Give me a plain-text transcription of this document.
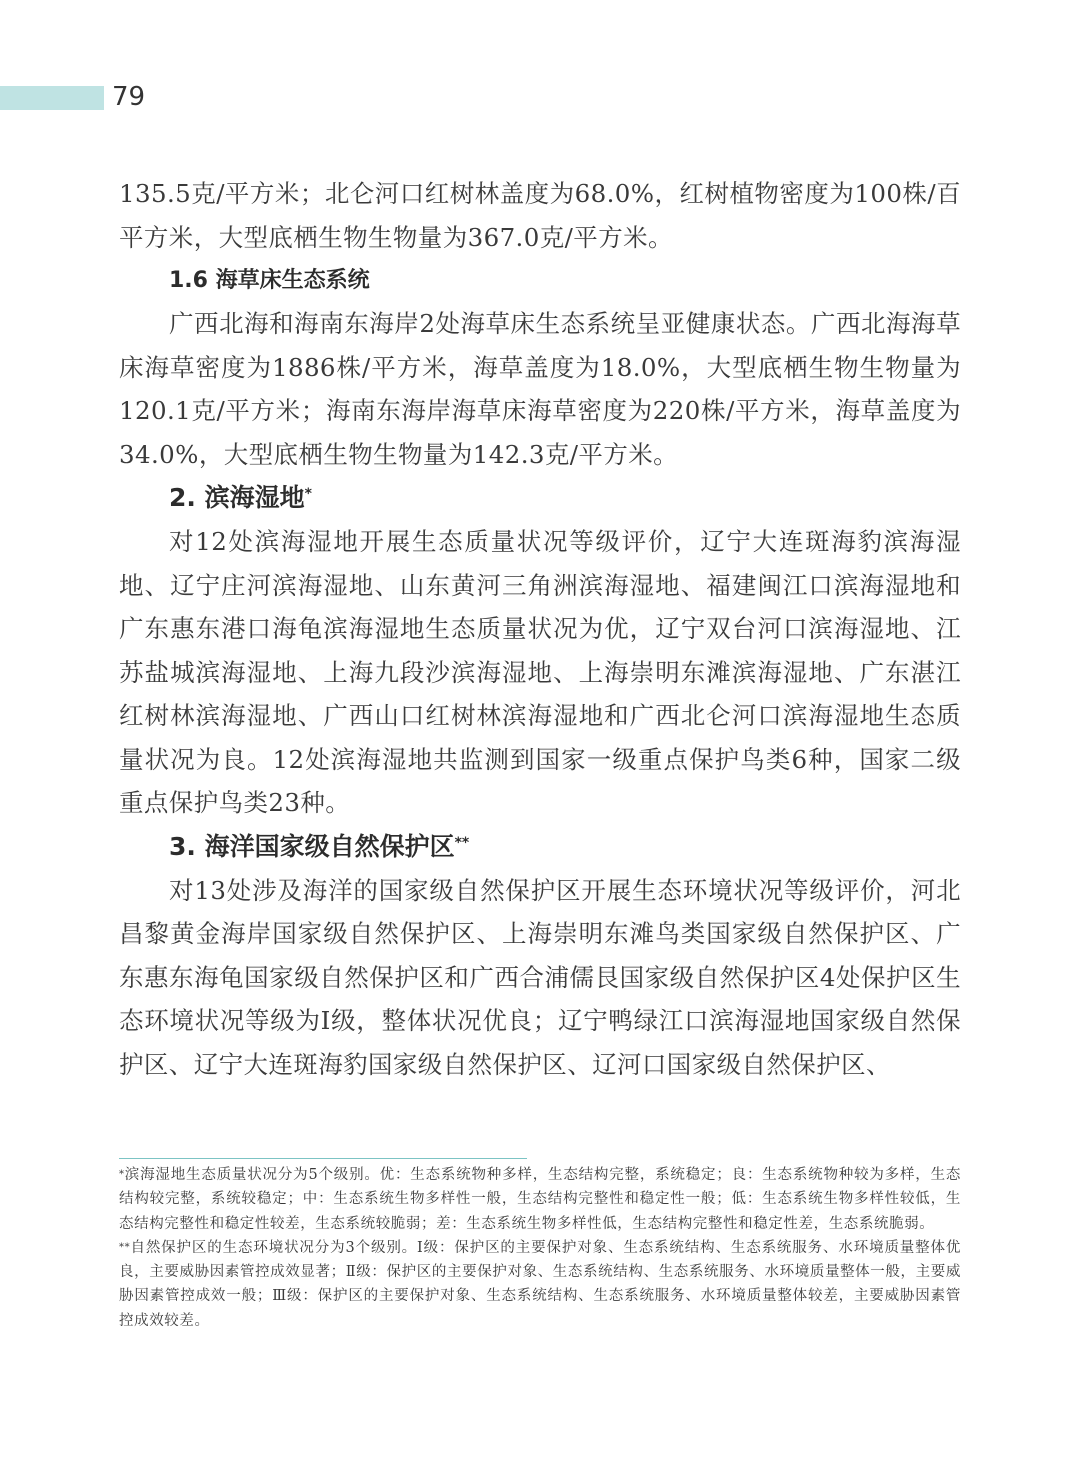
79

135.5克/平方米；北仑河口红树林盖度为68.0%，红树植物密度为100株/百平方米，大型底栖生物生物量为367.0克/平方米。

1.6 海草床生态系统

广西北海和海南东海岸2处海草床生态系统呈亚健康状态。广西北海海草床海草密度为1886株/平方米，海草盖度为18.0%，大型底栖生物生物量为120.1克/平方米；海南东海岸海草床海草密度为220株/平方米，海草盖度为34.0%，大型底栖生物生物量为142.3克/平方米。

2. 滨海湿地*

对12处滨海湿地开展生态质量状况等级评价，辽宁大连斑海豹滨海湿地、辽宁庄河滨海湿地、山东黄河三角洲滨海湿地、福建闽江口滨海湿地和广东惠东港口海龟滨海湿地生态质量状况为优，辽宁双台河口滨海湿地、江苏盐城滨海湿地、上海九段沙滨海湿地、上海崇明东滩滨海湿地、广东湛江红树林滨海湿地、广西山口红树林滨海湿地和广西北仑河口滨海湿地生态质量状况为良。12处滨海湿地共监测到国家一级重点保护鸟类6种，国家二级重点保护鸟类23种。

3. 海洋国家级自然保护区**

对13处涉及海洋的国家级自然保护区开展生态环境状况等级评价，河北昌黎黄金海岸国家级自然保护区、上海崇明东滩鸟类国家级自然保护区、广东惠东海龟国家级自然保护区和广西合浦儒艮国家级自然保护区4处保护区生态环境状况等级为Ⅰ级，整体状况优良；辽宁鸭绿江口滨海湿地国家级自然保护区、辽宁大连斑海豹国家级自然保护区、辽河口国家级自然保护区、

*滨海湿地生态质量状况分为5个级别。优：生态系统物种多样，生态结构完整，系统稳定；良：生态系统物种较为多样，生态结构较完整，系统较稳定；中：生态系统生物多样性一般，生态结构完整性和稳定性一般；低：生态系统生物多样性较低，生态结构完整性和稳定性较差，生态系统较脆弱；差：生态系统生物多样性低，生态结构完整性和稳定性差，生态系统脆弱。

**自然保护区的生态环境状况分为3个级别。Ⅰ级：保护区的主要保护对象、生态系统结构、生态系统服务、水环境质量整体优良，主要威胁因素管控成效显著；Ⅱ级：保护区的主要保护对象、生态系统结构、生态系统服务、水环境质量整体一般，主要威胁因素管控成效一般；Ⅲ级：保护区的主要保护对象、生态系统结构、生态系统服务、水环境质量整体较差，主要威胁因素管控成效较差。
